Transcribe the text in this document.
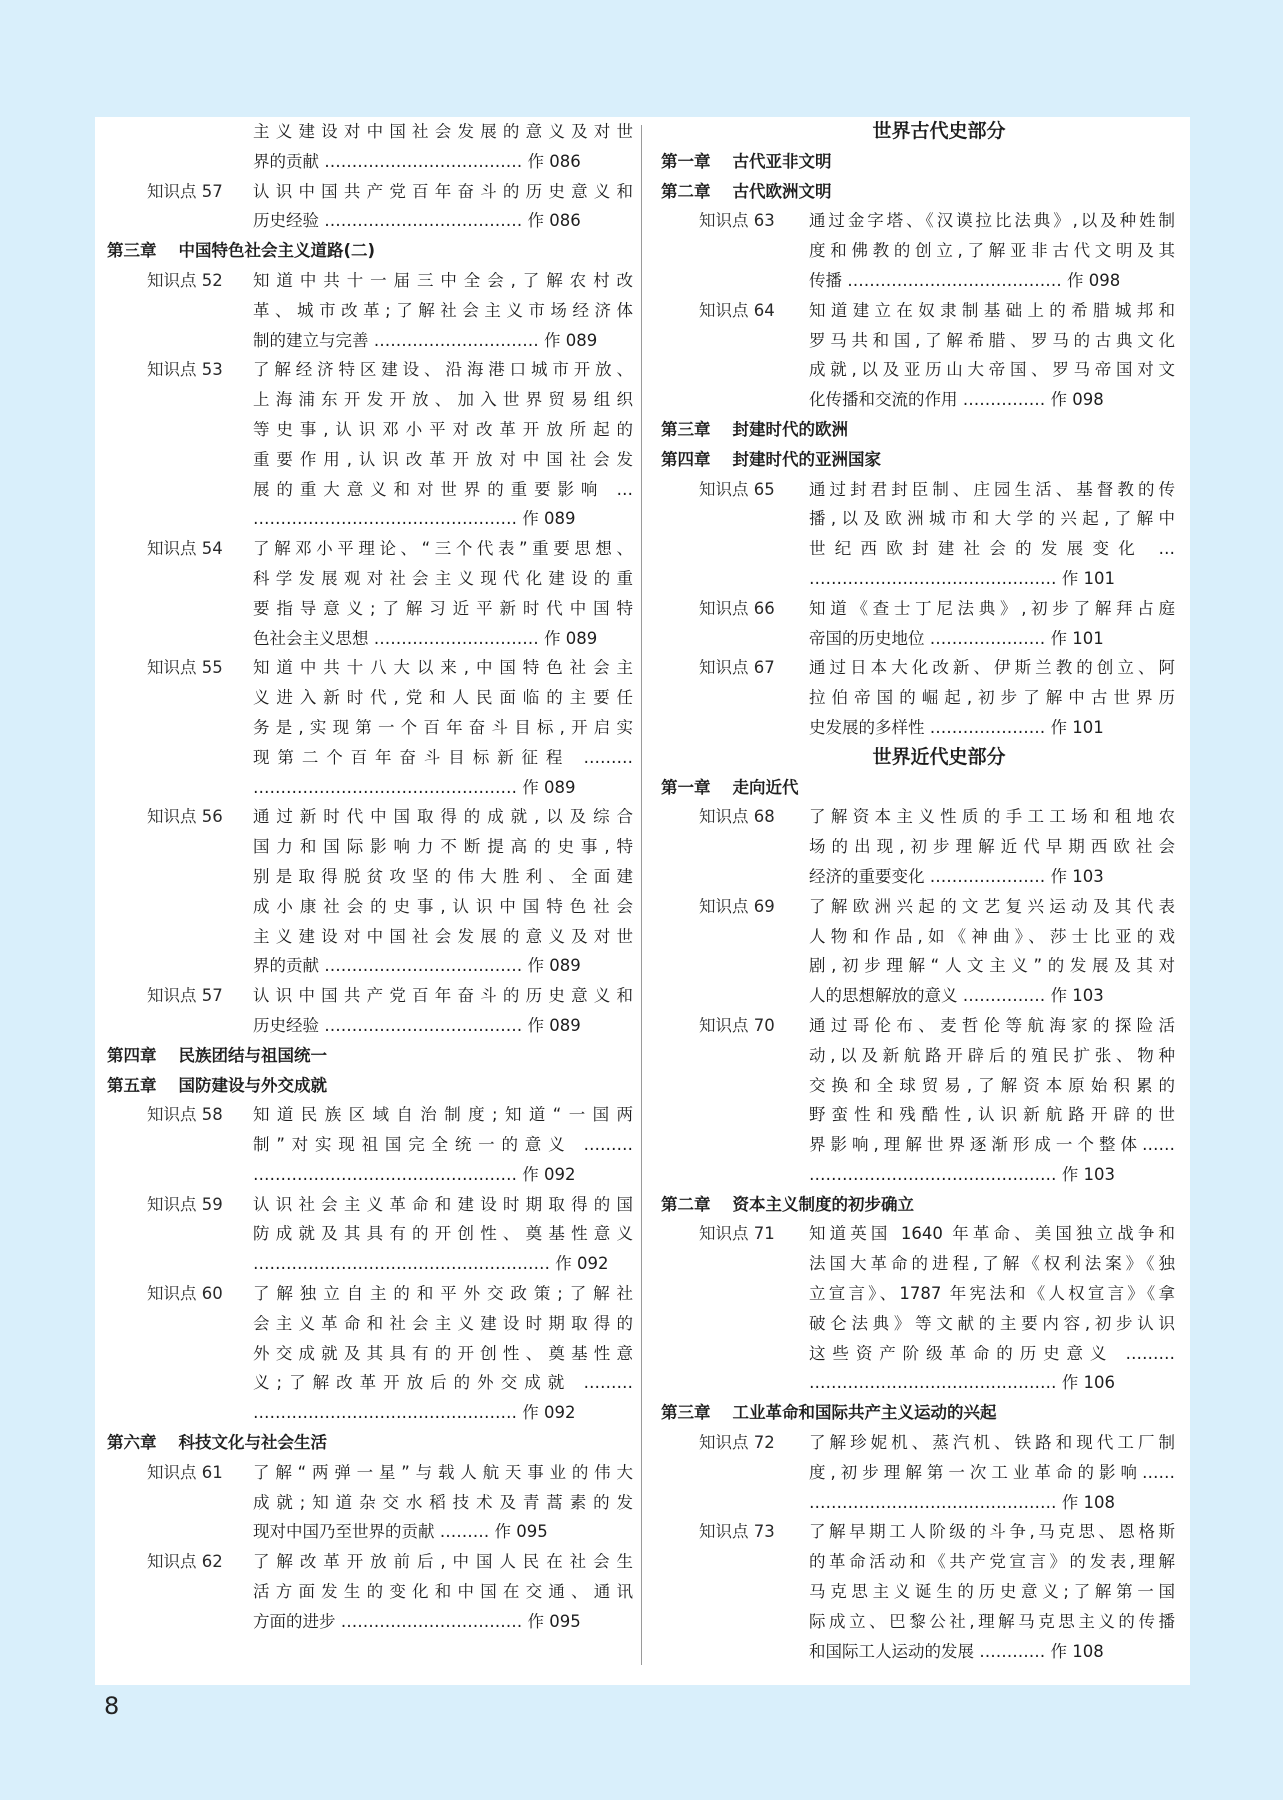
主义建设对中国社会发展的意义及对世
界的贡献 ……………………………… 作 086
知识点 57 认识中国共产党百年奋斗的历史意义和
历史经验 ……………………………… 作 086
第三章 中国特色社会主义道路(二)
知识点 52 知道中共十一届三中全会,了解农村改
革、城市改革;了解社会主义市场经济体
制的建立与完善 ………………………… 作 089
知识点 53 了解经济特区建设、沿海港口城市开放、
上海浦东开发开放、加入世界贸易组织
等史事,认识邓小平对改革开放所起的
重要作用,认识改革开放对中国社会发
展的重大意义和对世界的重要影响 …
………………………………………… 作 089
知识点 54 了解邓小平理论、“三个代表”重要思想、
科学发展观对社会主义现代化建设的重
要指导意义;了解习近平新时代中国特
色社会主义思想 ………………………… 作 089
知识点 55 知道中共十八大以来,中国特色社会主
义进入新时代,党和人民面临的主要任
务是,实现第一个百年奋斗目标,开启实
现第二个百年奋斗目标新征程 ………
………………………………………… 作 089
知识点 56 通过新时代中国取得的成就,以及综合
国力和国际影响力不断提高的史事,特
别是取得脱贫攻坚的伟大胜利、全面建
成小康社会的史事,认识中国特色社会
主义建设对中国社会发展的意义及对世
界的贡献 ……………………………… 作 089
知识点 57 认识中国共产党百年奋斗的历史意义和
历史经验 ……………………………… 作 089
第四章 民族团结与祖国统一
第五章 国防建设与外交成就
知识点 58 知道民族区域自治制度;知道“一国两
制”对实现祖国完全统一的意义 ………
………………………………………… 作 092
知识点 59 认识社会主义革命和建设时期取得的国
防成就及其具有的开创性、奠基性意义
……………………………………………… 作 092
知识点 60 了解独立自主的和平外交政策;了解社
会主义革命和社会主义建设时期取得的
外交成就及其具有的开创性、奠基性意
义;了解改革开放后的外交成就 ………
………………………………………… 作 092
第六章 科技文化与社会生活
知识点 61 了解“两弹一星”与载人航天事业的伟大
成就;知道杂交水稻技术及青蒿素的发
现对中国乃至世界的贡献 ……… 作 095
知识点 62 了解改革开放前后,中国人民在社会生
活方面发生的变化和中国在交通、通讯
方面的进步 …………………………… 作 095
世界古代史部分
第一章 古代亚非文明
第二章 古代欧洲文明
知识点 63 通过金字塔、《汉谟拉比法典》,以及种姓制
度和佛教的创立,了解亚非古代文明及其
传播 ………………………………… 作 098
知识点 64 知道建立在奴隶制基础上的希腊城邦和
罗马共和国,了解希腊、罗马的古典文化
成就,以及亚历山大帝国、罗马帝国对文
化传播和交流的作用 …………… 作 098
第三章 封建时代的欧洲
第四章 封建时代的亚洲国家
知识点 65 通过封君封臣制、庄园生活、基督教的传
播,以及欧洲城市和大学的兴起,了解中
世纪西欧封建社会的发展变化 …
……………………………………… 作 101
知识点 66 知道《查士丁尼法典》,初步了解拜占庭
帝国的历史地位 ………………… 作 101
知识点 67 通过日本大化改新、伊斯兰教的创立、阿
拉伯帝国的崛起,初步了解中古世界历
史发展的多样性 ………………… 作 101
世界近代史部分
第一章 走向近代
知识点 68 了解资本主义性质的手工工场和租地农
场的出现,初步理解近代早期西欧社会
经济的重要变化 ………………… 作 103
知识点 69 了解欧洲兴起的文艺复兴运动及其代表
人物和作品,如《神曲》、莎士比亚的戏
剧,初步理解“人文主义”的发展及其对
人的思想解放的意义 …………… 作 103
知识点 70 通过哥伦布、麦哲伦等航海家的探险活
动,以及新航路开辟后的殖民扩张、物种
交换和全球贸易,了解资本原始积累的
野蛮性和残酷性,认识新航路开辟的世
界影响,理解世界逐渐形成一个整体……
……………………………………… 作 103
第二章 资本主义制度的初步确立
知识点 71 知道英国 1640 年革命、美国独立战争和
法国大革命的进程,了解《权利法案》《独
立宣言》、1787 年宪法和《人权宣言》《拿
破仑法典》等文献的主要内容,初步认识
这些资产阶级革命的历史意义 ………
……………………………………… 作 106
第三章 工业革命和国际共产主义运动的兴起
知识点 72 了解珍妮机、蒸汽机、铁路和现代工厂制
度,初步理解第一次工业革命的影响……
……………………………………… 作 108
知识点 73 了解早期工人阶级的斗争,马克思、恩格斯
的革命活动和《共产党宣言》的发表,理解
马克思主义诞生的历史意义;了解第一国
际成立、巴黎公社,理解马克思主义的传播
和国际工人运动的发展 ………… 作 108
8
